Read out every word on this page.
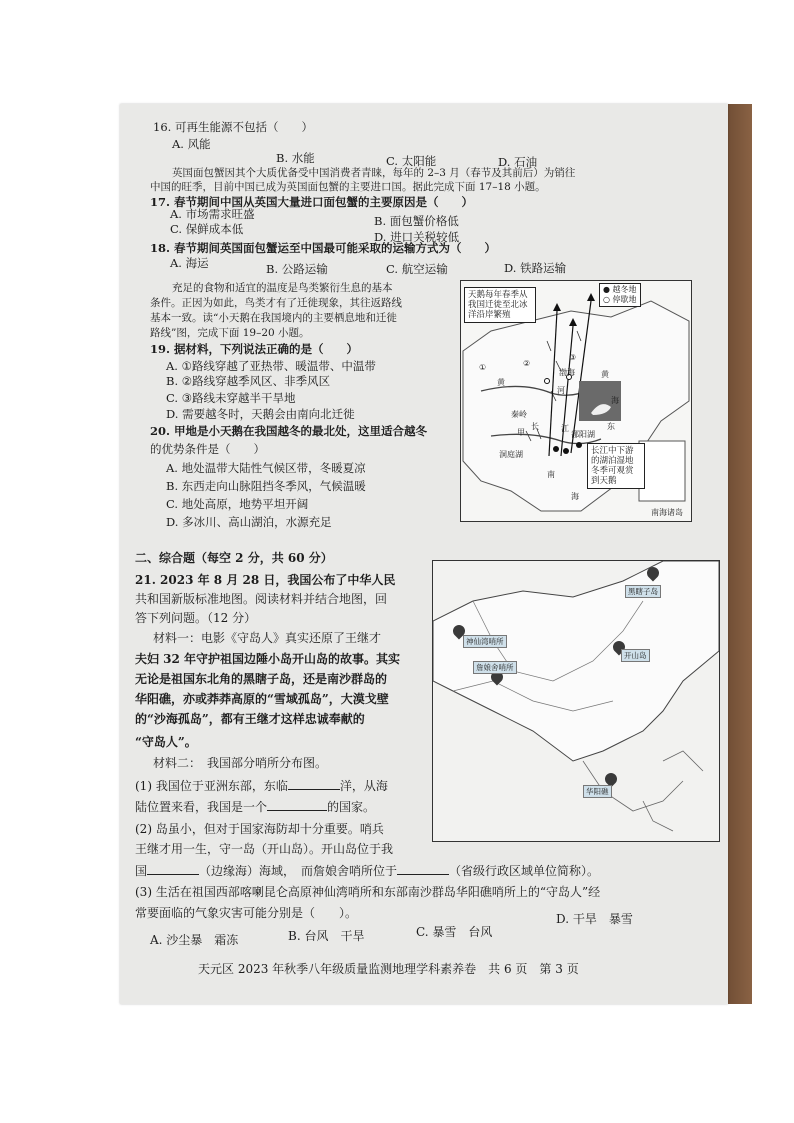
16. 可再生能源不包括（　　）
A. 风能
B. 水能	C. 太阳能	D. 石油
英国面包蟹因其个大质优备受中国消费者青睐，每年的 2–3 月（春节及其前后）为销往
中国的旺季，目前中国已成为英国面包蟹的主要进口国。据此完成下面 17–18 小题。
17. 春节期间中国从英国大量进口面包蟹的主要原因是（　　）
A. 市场需求旺盛	B. 面包蟹价格低
C. 保鲜成本低
D. 进口关税较低
18. 春节期间英国面包蟹运至中国最可能采取的运输方式为（　　）
A. 海运	B. 公路运输	C. 航空运输	D. 铁路运输
充足的食物和适宜的温度是鸟类繁衍生息的基本
条件。正因为如此，鸟类才有了迁徙现象，其往返路线
基本一致。读“小天鹅在我国境内的主要栖息地和迁徙
路线”图，完成下面 19–20 小题。
19. 据材料，下列说法正确的是（　　）
A. ①路线穿越了亚热带、暖温带、中温带
B. ②路线穿越季风区、非季风区
C. ③路线未穿越半干旱地
D. 需要越冬时，天鹅会由南向北迁徙
20. 甲地是小天鹅在我国越冬的最北处，这里适合越冬
的优势条件是（　　）
A. 地处温带大陆性气候区带，冬暖夏凉
B. 东西走向山脉阻挡冬季风，气候温暖
C. 地处高原，地势平坦开阔
D. 多冰川、高山湖泊，水源充足
● 越冬地
○ 停歇地
天鹅每年春季从我国迁徙至北冰洋沿岸繁殖
长江中下游的湖泊湿地冬季可观赏到天鹅
①	②
③
黄
河
长	江
甲
秦岭
洞庭湖
鄱阳湖
渤海	黄
海
东
南
海
南海诸岛
二、综合题（每空 2 分，共 60 分）
21. 2023 年 8 月 28 日，我国公布了中华人民
共和国新版标准地图。阅读材料并结合地图，回
答下列问题。（12 分）
材料一：电影《守岛人》真实还原了王继才
夫妇 32 年守护祖国边陲小岛开山岛的故事。其实
无论是祖国东北角的黑瞎子岛，还是南沙群岛的
华阳礁，亦或莽莽高原的“雪域孤岛”，大漠戈壁
的“沙海孤岛”，都有王继才这样忠诚奉献的
“守岛人”。
材料二：　我国部分哨所分布图。
(1) 我国位于亚洲东部，东临	洋，从海
陆位置来看，我国是一个	的国家。
(2) 岛虽小，但对于国家海防却十分重要。哨兵
王继才用一生，守一岛（开山岛）。开山岛位于我
国	（边缘海）海域，　而詹娘舍哨所位于	（省级行政区域单位简称）。
(3) 生活在祖国西部喀喇昆仑高原神仙湾哨所和东部南沙群岛华阳礁哨所上的“守岛人”经
常要面临的气象灾害可能分别是（　　）。
A. 沙尘暴　霜冻	B. 台风　干旱	C. 暴雪　台风
D. 干旱　暴雪
黑瞎子岛
神仙湾哨所
詹娘舍哨所
开山岛
华阳礁
天元区 2023 年秋季八年级质量监测地理学科素养卷　共 6 页　第 3 页
